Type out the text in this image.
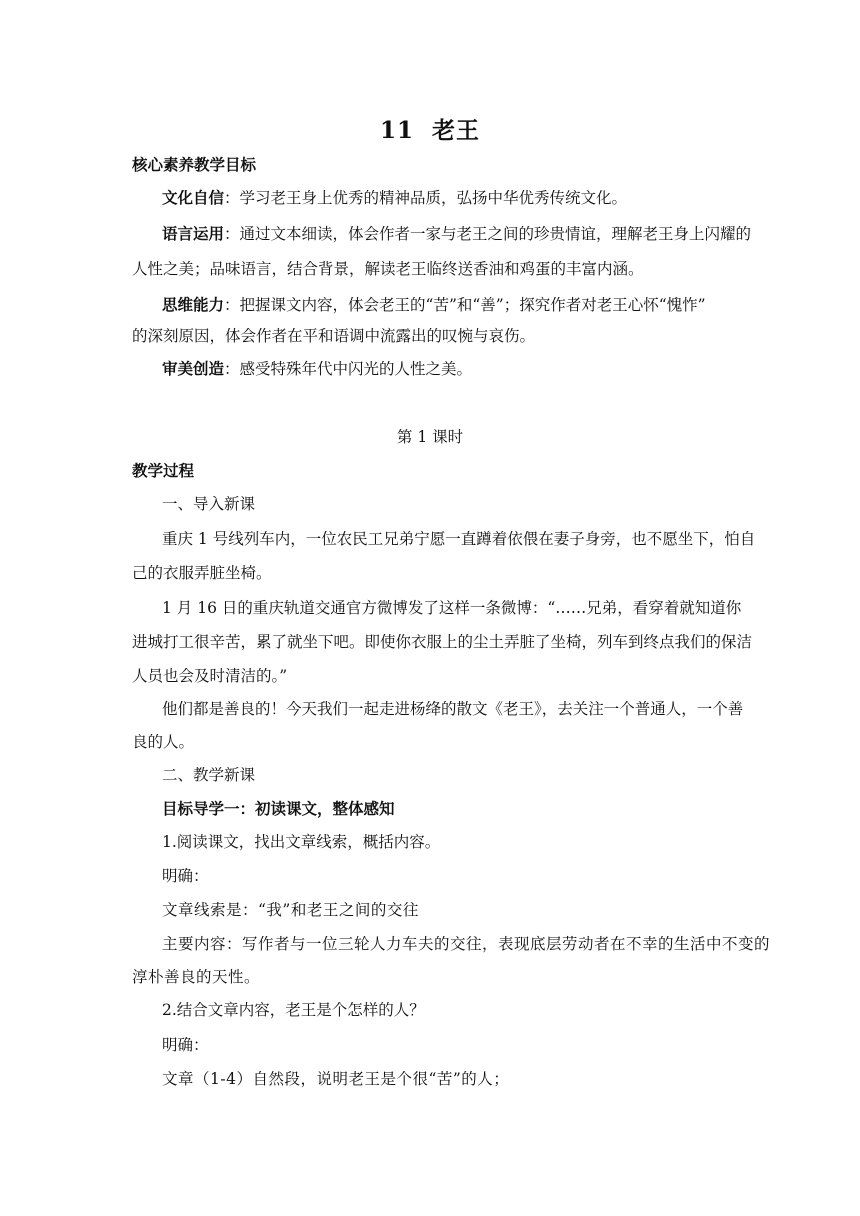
11 老王
核心素养教学目标
文化自信：学习老王身上优秀的精神品质，弘扬中华优秀传统文化。
语言运用：通过文本细读，体会作者一家与老王之间的珍贵情谊，理解老王身上闪耀的
人性之美；品味语言，结合背景，解读老王临终送香油和鸡蛋的丰富内涵。
思维能力：把握课文内容，体会老王的“苦”和“善”；探究作者对老王心怀“愧怍”
的深刻原因，体会作者在平和语调中流露出的叹惋与哀伤。
审美创造：感受特殊年代中闪光的人性之美。
第 1 课时
教学过程
一、导入新课
重庆 1 号线列车内，一位农民工兄弟宁愿一直蹲着依偎在妻子身旁，也不愿坐下，怕自
己的衣服弄脏坐椅。
1 月 16 日的重庆轨道交通官方微博发了这样一条微博：“……兄弟，看穿着就知道你
进城打工很辛苦，累了就坐下吧。即使你衣服上的尘土弄脏了坐椅，列车到终点我们的保洁
人员也会及时清洁的。”
他们都是善良的！今天我们一起走进杨绛的散文《老王》，去关注一个普通人，一个善
良的人。
二、教学新课
目标导学一：初读课文，整体感知
1.阅读课文，找出文章线索，概括内容。
明确：
文章线索是：“我”和老王之间的交往
主要内容：写作者与一位三轮人力车夫的交往，表现底层劳动者在不幸的生活中不变的
淳朴善良的天性。
2.结合文章内容，老王是个怎样的人？
明确：
文章（1-4）自然段，说明老王是个很“苦”的人；
